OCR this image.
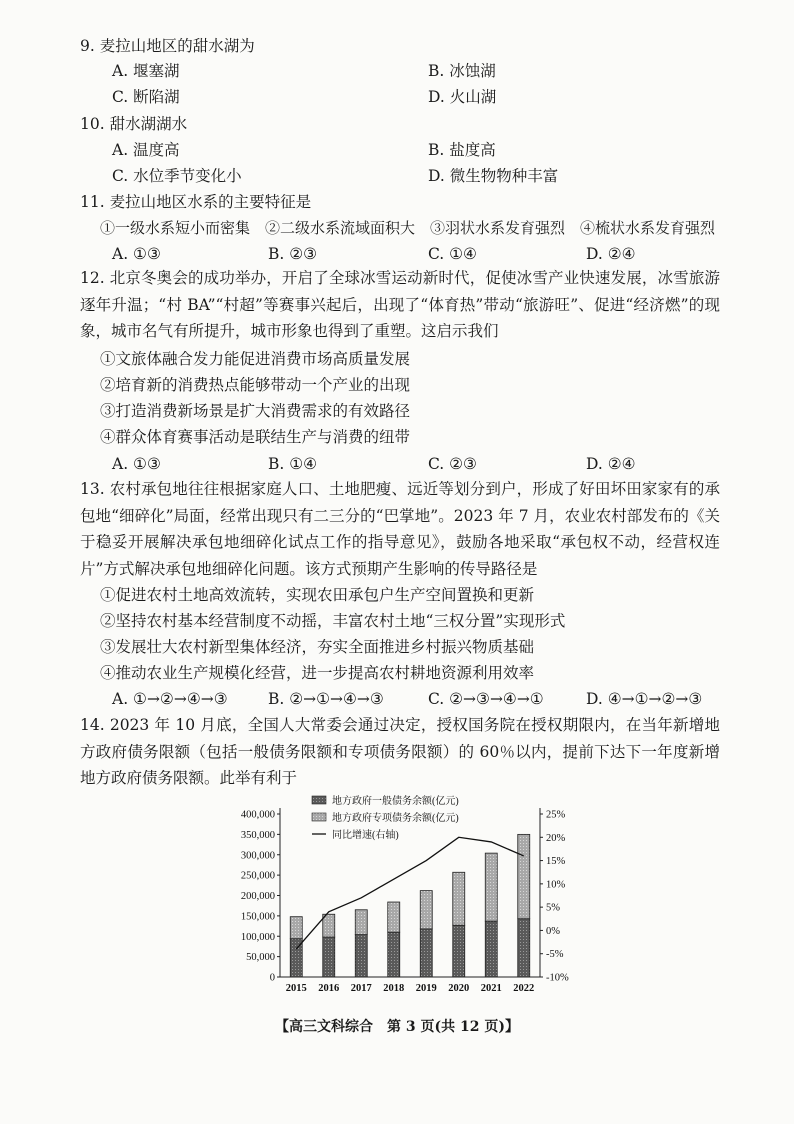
9. 麦拉山地区的甜水湖为
A. 堰塞湖	B. 冰蚀湖
C. 断陷湖	D. 火山湖
10. 甜水湖湖水
A. 温度高	B. 盐度高
C. 水位季节变化小	D. 微生物物种丰富
11. 麦拉山地区水系的主要特征是
①一级水系短小而密集　②二级水系流域面积大　③羽状水系发育强烈　④梳状水系发育强烈
A. ①③	B. ②③	C. ①④	D. ②④
12. 北京冬奥会的成功举办，开启了全球冰雪运动新时代，促使冰雪产业快速发展，冰雪旅游逐年升温；“村 BA”“村超”等赛事兴起后，出现了“体育热”带动“旅游旺”、促进“经济燃”的现象，城市名气有所提升，城市形象也得到了重塑。这启示我们
①文旅体融合发力能促进消费市场高质量发展
②培育新的消费热点能够带动一个产业的出现
③打造消费新场景是扩大消费需求的有效路径
④群众体育赛事活动是联结生产与消费的纽带
A. ①③	B. ①④	C. ②③	D. ②④
13. 农村承包地往往根据家庭人口、土地肥瘦、远近等划分到户，形成了好田坏田家家有的承包地“细碎化”局面，经常出现只有二三分的“巴掌地”。2023 年 7 月，农业农村部发布的《关于稳妥开展解决承包地细碎化试点工作的指导意见》，鼓励各地采取“承包权不动，经营权连片”方式解决承包地细碎化问题。该方式预期产生影响的传导路径是
①促进农村土地高效流转，实现农田承包户生产空间置换和更新
②坚持农村基本经营制度不动摇，丰富农村土地“三权分置”实现形式
③发展壮大农村新型集体经济，夯实全面推进乡村振兴物质基础
④推动农业生产规模化经营，进一步提高农村耕地资源利用效率
A. ①→②→④→③	B. ②→①→④→③	C. ②→③→④→①	D. ④→①→②→③
14. 2023 年 10 月底，全国人大常委会通过决定，授权国务院在授权期限内，在当年新增地方政府债务限额（包括一般债务限额和专项债务限额）的 60％以内，提前下达下一年度新增地方政府债务限额。此举有利于
400,000
350,000
300,000
250,000
200,000
150,000
100,000
50,000
0
25%
20%
15%
10%
5%
0%
-5%
-10%
2015 2016 2017 2018 2019 2020 2021 2022
地方政府一般债务余额(亿元)
地方政府专项债务余额(亿元)
同比增速(右轴)
【高三文科综合　第 3 页(共 12 页)】
